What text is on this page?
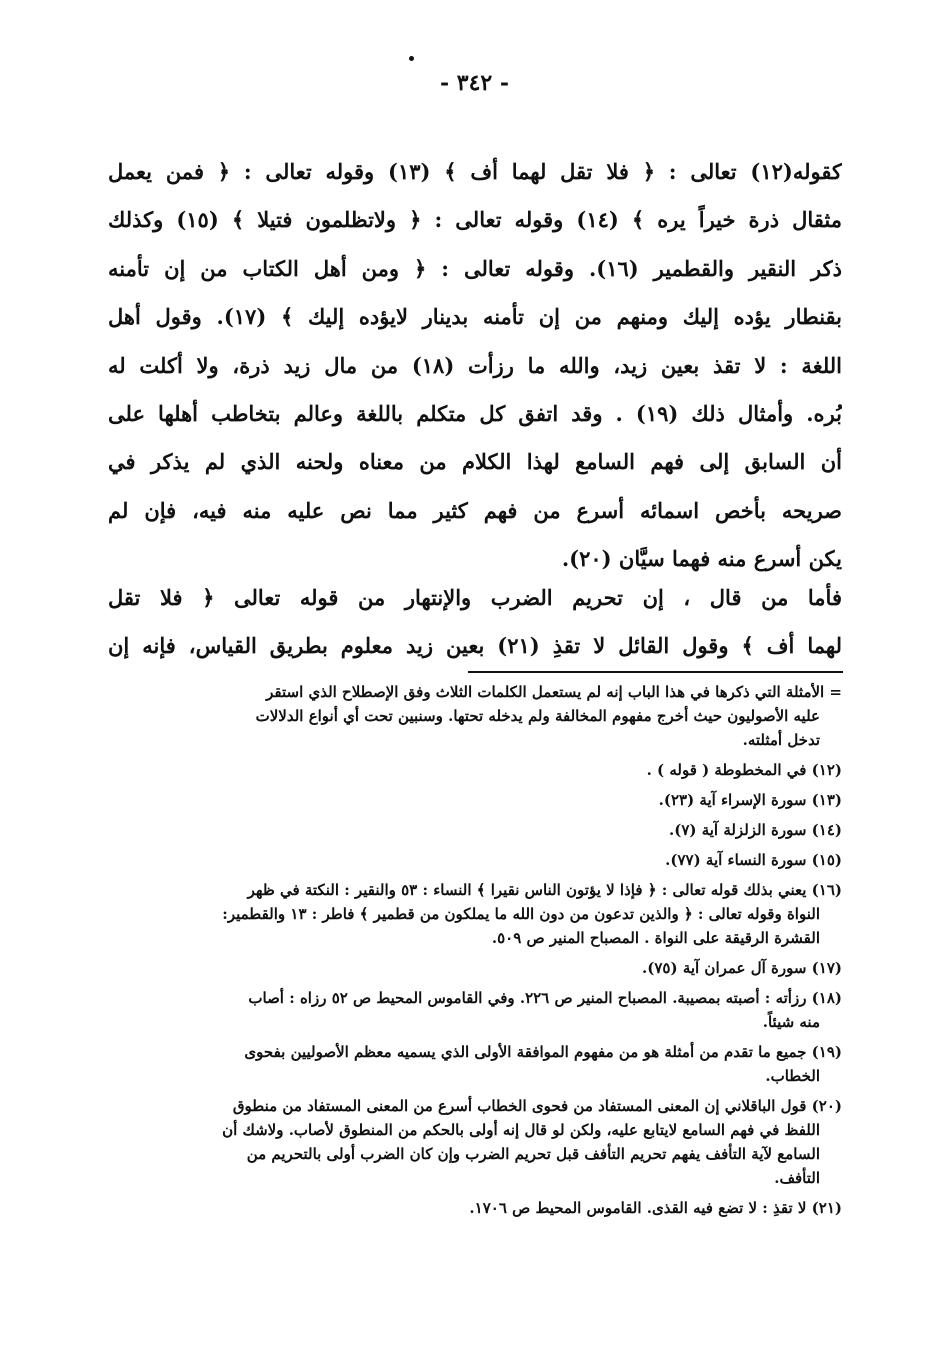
- ٣٤٢ -
كقوله(١٢) تعالى : ﴿ فلا تقل لهما أف ﴾ (١٣) وقوله تعالى : ﴿ فمن يعمل
مثقال ذرة خيراً يره ﴾ (١٤) وقوله تعالى : ﴿ ولاتظلمون فتيلا ﴾ (١٥) وكذلك
ذكر النقير والقطمير (١٦). وقوله تعالى : ﴿ ومن أهل الكتاب من إن تأمنه
بقنطار يؤده إليك ومنهم من إن تأمنه بدينار لايؤده إليك ﴾ (١٧). وقول أهل
اللغة : لا تقذ بعين زيد، والله ما رزأت (١٨) من مال زيد ذرة، ولا أكلت له
بُره. وأمثال ذلك (١٩) . وقد اتفق كل متكلم باللغة وعالم بتخاطب أهلها على
أن السابق إلى فهم السامع لهذا الكلام من معناه ولحنه الذي لم يذكر في
صريحه بأخص اسمائه أسرع من فهم كثير مما نص عليه منه فيه، فإن لم
يكن أسرع منه فهما سيَّان (٢٠).
فأما من قال ، إن تحريم الضرب والإنتهار من قوله تعالى ﴿ فلا تقل
لهما أف ﴾ وقول القائل لا تقذِ (٢١) بعين زيد معلوم بطريق القياس، فإنه إن
= الأمثلة التي ذكرها في هذا الباب إنه لم يستعمل الكلمات الثلاث وفق الإصطلاح الذي استقر
عليه الأصوليون حيث أخرج مفهوم المخالفة ولم يدخله تحتها. وسنبين تحت أي أنواع الدلالات
تدخل أمثلته.
(١٢) في المخطوطة ( قوله ) .
(١٣) سورة الإسراء آية (٢٣).
(١٤) سورة الزلزلة آية (٧).
(١٥) سورة النساء آية (٧٧).
(١٦) يعني بذلك قوله تعالى : ﴿ فإذا لا يؤتون الناس نقيرا ﴾ النساء : ٥٣ والنقير : النكتة في ظهر
النواة وقوله تعالى : ﴿ والذين تدعون من دون الله ما يملكون من قطمير ﴾ فاطر : ١٣ والقطمير:
القشرة الرقيقة على النواة . المصباح المنير ص ٥٠٩.
(١٧) سورة آل عمران آية (٧٥).
(١٨) رزأته : أصبته بمصيبة. المصباح المنير ص ٢٢٦. وفي القاموس المحيط ص ٥٢ رزاه : أصاب
منه شيئاً.
(١٩) جميع ما تقدم من أمثلة هو من مفهوم الموافقة الأولى الذي يسميه معظم الأصوليين بفحوى
الخطاب.
(٢٠) قول الباقلاني إن المعنى المستفاد من فحوى الخطاب أسرع من المعنى المستفاد من منطوق
اللفظ في فهم السامع لايتابع عليه، ولكن لو قال إنه أولى بالحكم من المنطوق لأصاب. ولاشك أن
السامع لآية التأفف يفهم تحريم التأفف قبل تحريم الضرب وإن كان الضرب أولى بالتحريم من
التأفف.
(٢١) لا تقذِ : لا تضع فيه القذى. القاموس المحيط ص ١٧٠٦.
